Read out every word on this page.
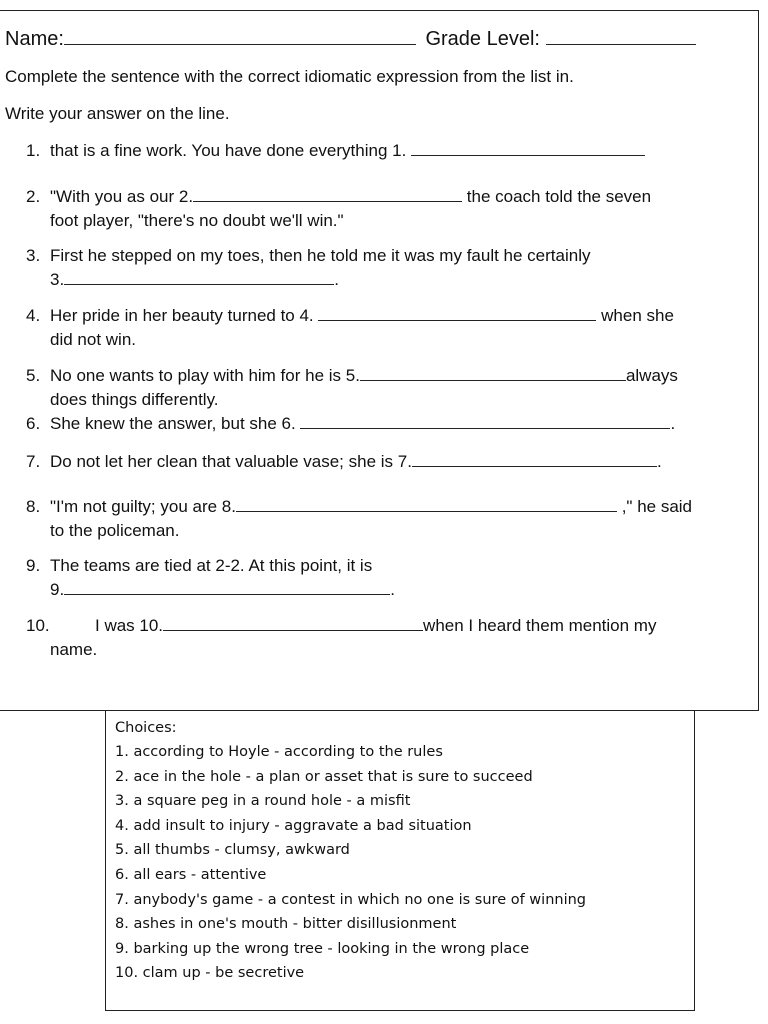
Name:	Grade Level:
Complete the sentence with the correct idiomatic expression from the list in.
Write your answer on the line.
1. that is a fine work. You have done everything 1.
2. "With you as our 2.	the coach told the seven
foot player, "there's no doubt we'll win."
3. First he stepped on my toes, then he told me it was my fault he certainly
3.	.
4. Her pride in her beauty turned to 4.	when she
did not win.
5. No one wants to play with him for he is 5.	always
does things differently.
6. She knew the answer, but she 6.	.
7. Do not let her clean that valuable vase; she is 7.	.
8. "I'm not guilty; you are 8.	," he said
to the policeman.
9. The teams are tied at 2-2. At this point, it is
9.	.
10.	I was 10.	when I heard them mention my
name.
Choices:
1. according to Hoyle - according to the rules
2. ace in the hole - a plan or asset that is sure to succeed
3. a square peg in a round hole - a misfit
4. add insult to injury - aggravate a bad situation
5. all thumbs - clumsy, awkward
6. all ears - attentive
7. anybody's game - a contest in which no one is sure of winning
8. ashes in one's mouth - bitter disillusionment
9. barking up the wrong tree - looking in the wrong place
10. clam up - be secretive
